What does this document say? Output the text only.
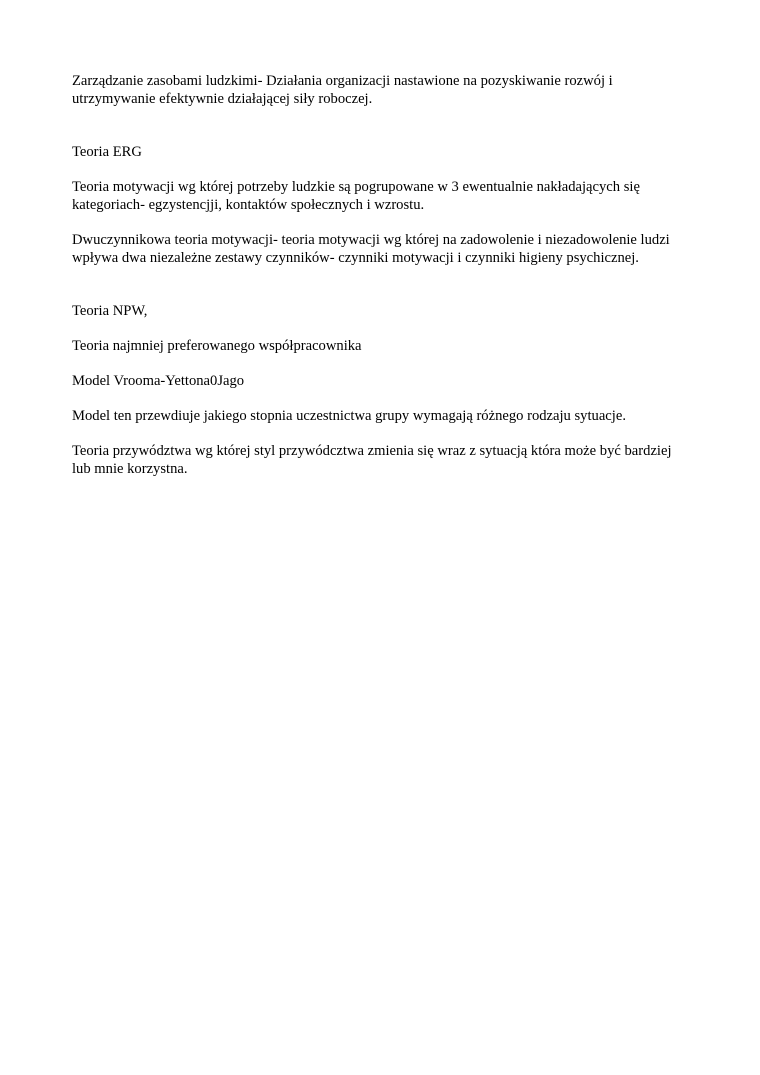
Zarządzanie zasobami ludzkimi- Działania organizacji nastawione na pozyskiwanie rozwój i utrzymywanie efektywnie działającej siły roboczej.

Teoria ERG

Teoria motywacji wg której potrzeby ludzkie są pogrupowane w 3 ewentualnie nakładających się kategoriach- egzystencjji, kontaktów społecznych i wzrostu.

Dwuczynnikowa teoria motywacji- teoria motywacji wg której na zadowolenie i niezadowolenie ludzi wpływa dwa niezależne zestawy czynników- czynniki motywacji i czynniki higieny psychicznej.

Teoria NPW,

Teoria najmniej preferowanego współpracownika

Model Vrooma-Yettona0Jago

Model ten przewdiuje jakiego stopnia uczestnictwa grupy wymagają różnego rodzaju sytuacje.

Teoria przywództwa wg której styl przywódcztwa zmienia się wraz z sytuacją która może być bardziej lub mnie korzystna.
